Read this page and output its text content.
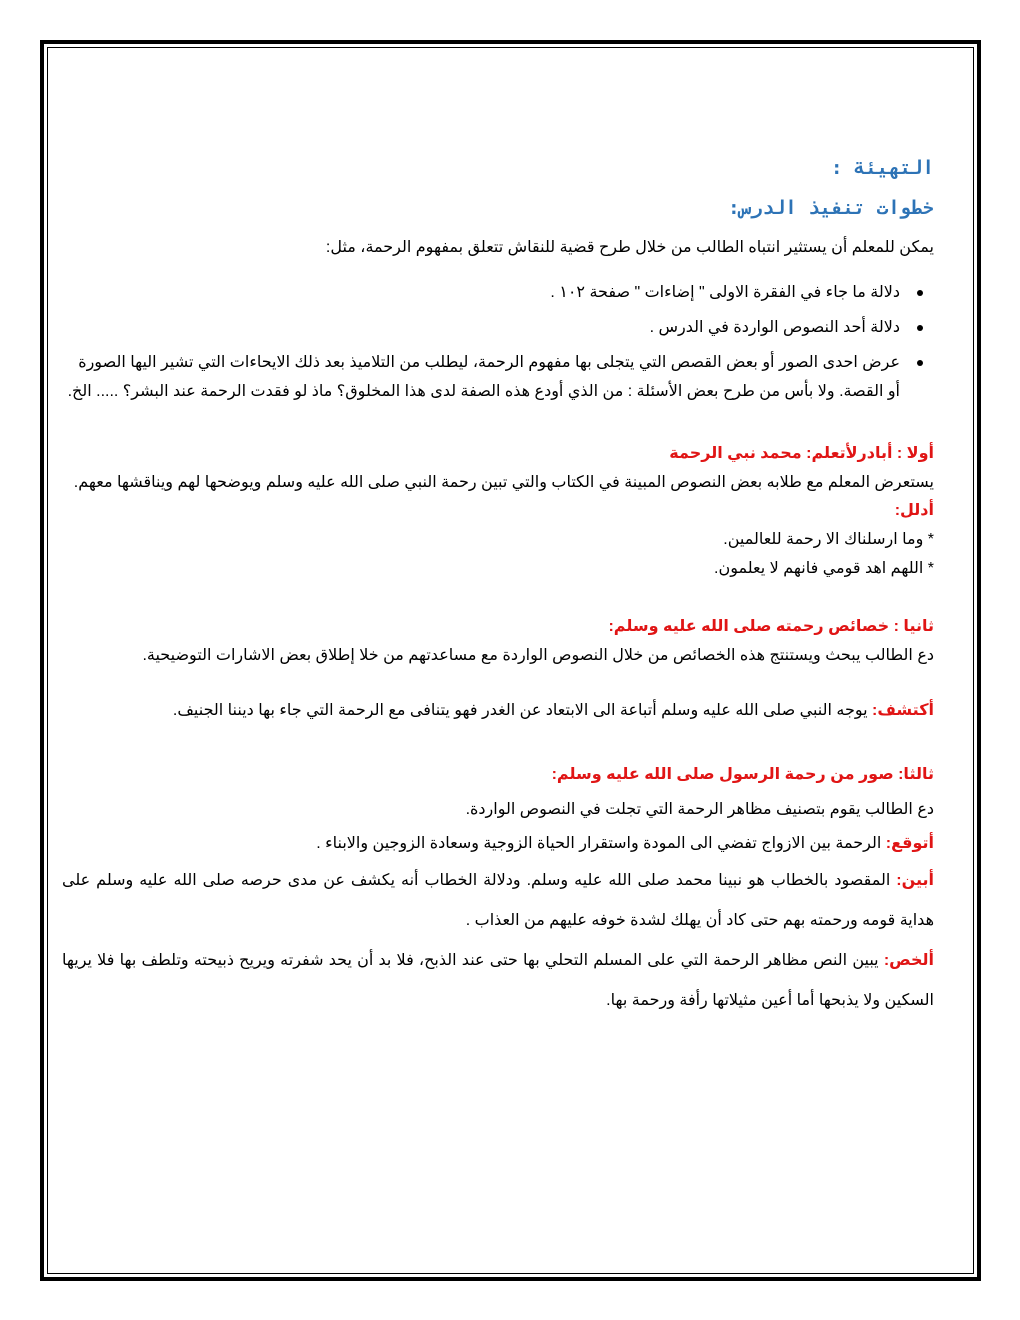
التهيئة :

خطوات تنفيذ الدرس:

يمكن للمعلم أن يستثير انتباه الطالب من خلال طرح قضية للنقاش تتعلق بمفهوم الرحمة، مثل:

دلالة ما جاء في الفقرة الاولى " إضاءات " صفحة ١٠٢ .
دلالة أحد النصوص الواردة في الدرس .
عرض احدى الصور أو بعض القصص التي يتجلى بها مفهوم الرحمة، ليطلب من التلاميذ بعد ذلك الايحاءات التي تشير اليها الصورة أو القصة. ولا بأس من طرح بعض الأسئلة : من الذي أودع هذه الصفة لدى هذا المخلوق؟ ماذ لو فقدت الرحمة عند البشر؟ ..... الخ.

أولا : أبادرلأتعلم: محمد نبي الرحمة

يستعرض المعلم مع طلابه بعض النصوص المبينة في الكتاب والتي تبين رحمة النبي صلى الله عليه وسلم ويوضحها لهم ويناقشها معهم.

أدلل:

* وما ارسلناك الا رحمة للعالمين.

* اللهم اهد قومي فانهم لا يعلمون.

ثانيا : خصائص رحمته صلى الله عليه وسلم:

دع الطالب يبحث ويستنتج هذه الخصائص من خلال النصوص الواردة مع مساعدتهم من خلا إطلاق بعض الاشارات التوضيحية.

أكتشف: يوجه النبي صلى الله عليه وسلم أتباعة الى الابتعاد عن الغدر فهو يتنافى مع الرحمة التي جاء بها ديننا الجنيف.

ثالثا: صور من رحمة الرسول صلى الله عليه وسلم:

دع الطالب يقوم بتصنيف مظاهر الرحمة التي تجلت في النصوص الواردة.

أتوقع: الرحمة بين الازواج تفضي الى المودة واستقرار الحياة الزوجية وسعادة الزوجين والابناء .

أبين: المقصود بالخطاب هو نبينا محمد صلى الله عليه وسلم. ودلالة الخطاب أنه يكشف عن مدى حرصه صلى الله عليه وسلم على هداية قومه ورحمته بهم حتى كاد أن يهلك لشدة خوفه عليهم من العذاب .

ألخص: يبين النص مظاهر الرحمة التي على المسلم التحلي بها حتى عند الذبح، فلا بد أن يحد شفرته ويريح ذبيحته وتلطف بها فلا يريها السكين ولا يذبحها أما أعين مثيلاتها رأفة ورحمة بها.
